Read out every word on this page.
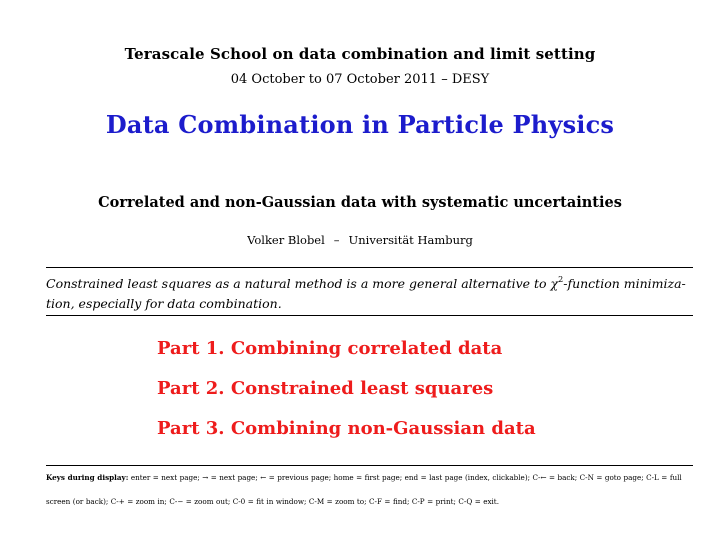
Terascale School on data combination and limit setting
04 October to 07 October 2011 – DESY
Data Combination in Particle Physics
Correlated and non-Gaussian data with systematic uncertainties
Volker Blobel – Universität Hamburg
Constrained least squares as a natural method is a more general alternative to $\chi^2$-function minimiza- tion, especially for data combination.
Part 1. Combining correlated data
Part 2. Constrained least squares
Part 3. Combining non-Gaussian data
Keys during display: enter = next page; → = next page; ← = previous page; home = first page; end = last page (index, clickable); C-← = back; C-N = goto page; C-L = full screen (or back); C-+ = zoom in; C-− = zoom out; C-0 = fit in window; C-M = zoom to; C-F = find; C-P = print; C-Q = exit.
